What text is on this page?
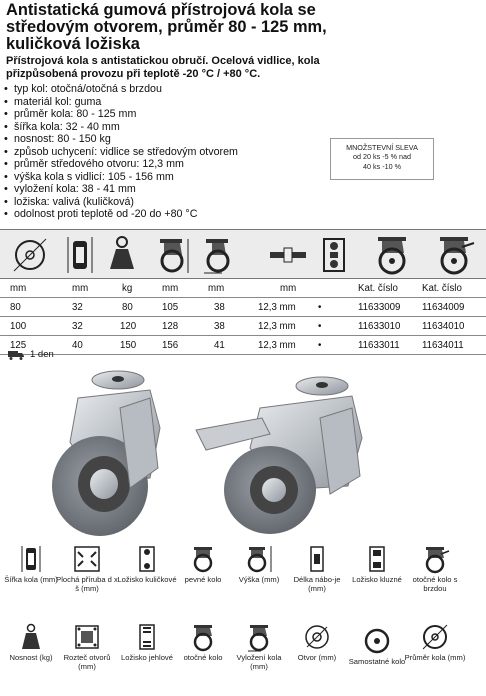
Antistatická gumová přístrojová kola se středovým otvorem, průměr 80 - 125 mm, kuličková ložiska
Přístrojová kola s antistatickou obručí. Ocelová vidlice, kola přizpůsobená provozu při teplotě -20 °C / +80 °C.
• typ kol: otočná/otočná s brzdou
• materiál kol: guma
• průměr kola: 80 - 125 mm
• šířka kola: 32 - 40 mm
• nosnost: 80 - 150 kg
• způsob uchycení: vidlice se středovým otvorem
• průměr středového otvoru: 12,3 mm
• výška kola s vidlicí: 105 - 156 mm
• vyložení kola: 38 - 41 mm
• ložiska: valivá (kuličková)
• odolnost proti teplotě od -20 do +80 °C
MNOŽSTEVNÍ SLEVA
od 20 ks -5 % nad
40 ks -10 %
mm	mm	kg	mm	mm	mm	Kat. číslo Kat. číslo
80	32	80	105	38	12,3 mm •	11633009 11634009
100	32	120	128	38	12,3 mm •	11633010 11634010
125	40	150	156	41	12,3 mm •	11633011 11634011
1 den
Šířka kola (mm)
Plochá příruba d x š (mm)
Ložisko kuličkové	pevné kolo	Výška (mm)	Délka nábo-je (mm)
Ložisko kluzné	otočné kolo s brzdou
Nosnost (kg)	Rozteč otvorů (mm)
Ložisko jehlové	otočné kolo	Vyložení kola (mm)
Otvor (mm)	Samostatné kolo Průměr kola (mm)
